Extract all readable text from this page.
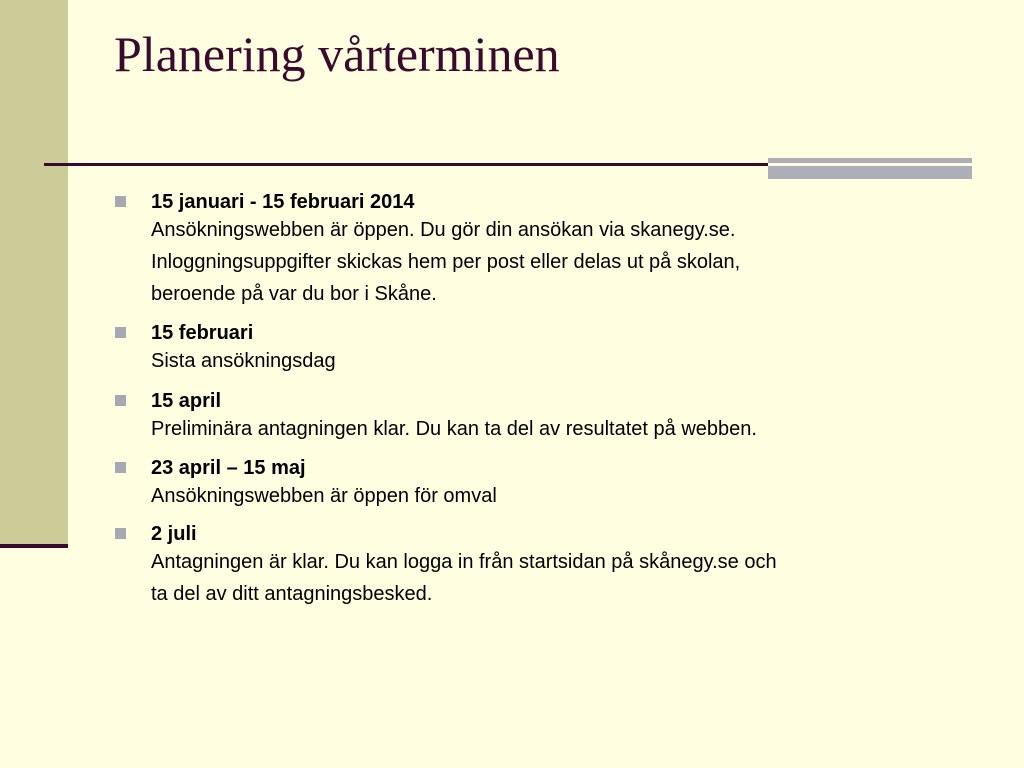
Planering vårterminen
15 januari - 15 februari 2014
Ansökningswebben är öppen. Du gör din ansökan via skanegy.se.
Inloggningsuppgifter skickas hem per post eller delas ut på skolan,
beroende på var du bor i Skåne.
15 februari
Sista ansökningsdag
15 april
Preliminära antagningen klar. Du kan ta del av resultatet på webben.
23 april – 15 maj
Ansökningswebben är öppen för omval
2 juli
Antagningen är klar. Du kan logga in från startsidan på skånegy.se och
ta del av ditt antagningsbesked.
